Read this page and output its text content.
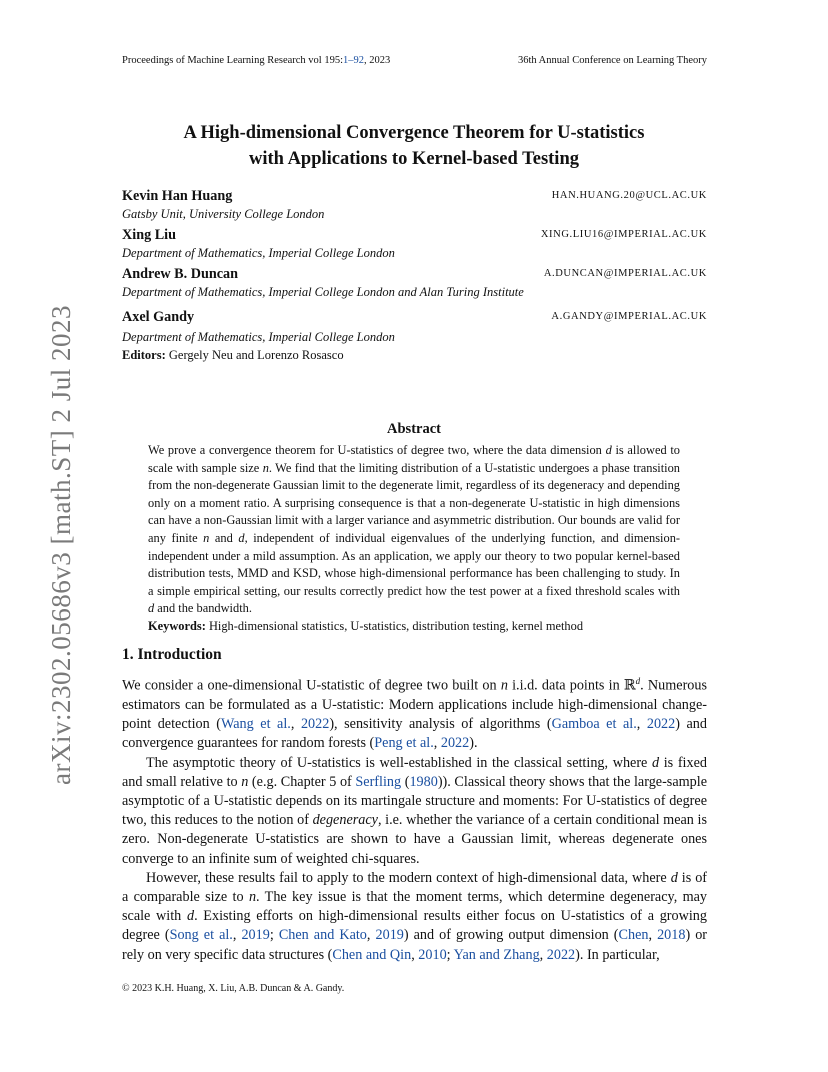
Proceedings of Machine Learning Research vol 195:1–92, 2023	36th Annual Conference on Learning Theory
arXiv:2302.05686v3 [math.ST] 2 Jul 2023
A High-dimensional Convergence Theorem for U-statistics
with Applications to Kernel-based Testing
Kevin Han Huang	HAN.HUANG.20@UCL.AC.UK
Gatsby Unit, University College London
Xing Liu	XING.LIU16@IMPERIAL.AC.UK
Department of Mathematics, Imperial College London
Andrew B. Duncan	A.DUNCAN@IMPERIAL.AC.UK
Department of Mathematics, Imperial College London and Alan Turing Institute
Axel Gandy	A.GANDY@IMPERIAL.AC.UK
Department of Mathematics, Imperial College London
Editors: Gergely Neu and Lorenzo Rosasco
Abstract
We prove a convergence theorem for U-statistics of degree two, where the data dimension d is allowed to scale with sample size n. We find that the limiting distribution of a U-statistic undergoes a phase transition from the non-degenerate Gaussian limit to the degenerate limit, regardless of its degeneracy and depending only on a moment ratio. A surprising consequence is that a non-degenerate U-statistic in high dimensions can have a non-Gaussian limit with a larger variance and asymmetric distribution. Our bounds are valid for any finite n and d, independent of individual eigenvalues of the underlying function, and dimension-independent under a mild assumption. As an application, we apply our theory to two popular kernel-based distribution tests, MMD and KSD, whose high-dimensional performance has been challenging to study. In a simple empirical setting, our results correctly predict how the test power at a fixed threshold scales with d and the bandwidth.
Keywords: High-dimensional statistics, U-statistics, distribution testing, kernel method
1. Introduction

We consider a one-dimensional U-statistic of degree two built on n i.i.d. data points in ℝ$^d$. Numerous estimators can be formulated as a U-statistic: Modern applications include high-dimensional change-point detection (Wang et al., 2022), sensitivity analysis of algorithms (Gamboa et al., 2022) and convergence guarantees for random forests (Peng et al., 2022).

The asymptotic theory of U-statistics is well-established in the classical setting, where d is fixed and small relative to n (e.g. Chapter 5 of Serfling (1980)). Classical theory shows that the large-sample asymptotic of a U-statistic depends on its martingale structure and moments: For U-statistics of degree two, this reduces to the notion of degeneracy, i.e. whether the variance of a certain conditional mean is zero. Non-degenerate U-statistics are shown to have a Gaussian limit, whereas degenerate ones converge to an infinite sum of weighted chi-squares.

However, these results fail to apply to the modern context of high-dimensional data, where d is of a comparable size to n. The key issue is that the moment terms, which determine degeneracy, may scale with d. Existing efforts on high-dimensional results either focus on U-statistics of a growing degree (Song et al., 2019; Chen and Kato, 2019) and of growing output dimension (Chen, 2018) or rely on very specific data structures (Chen and Qin, 2010; Yan and Zhang, 2022). In particular,

© 2023 K.H. Huang, X. Liu, A.B. Duncan & A. Gandy.
